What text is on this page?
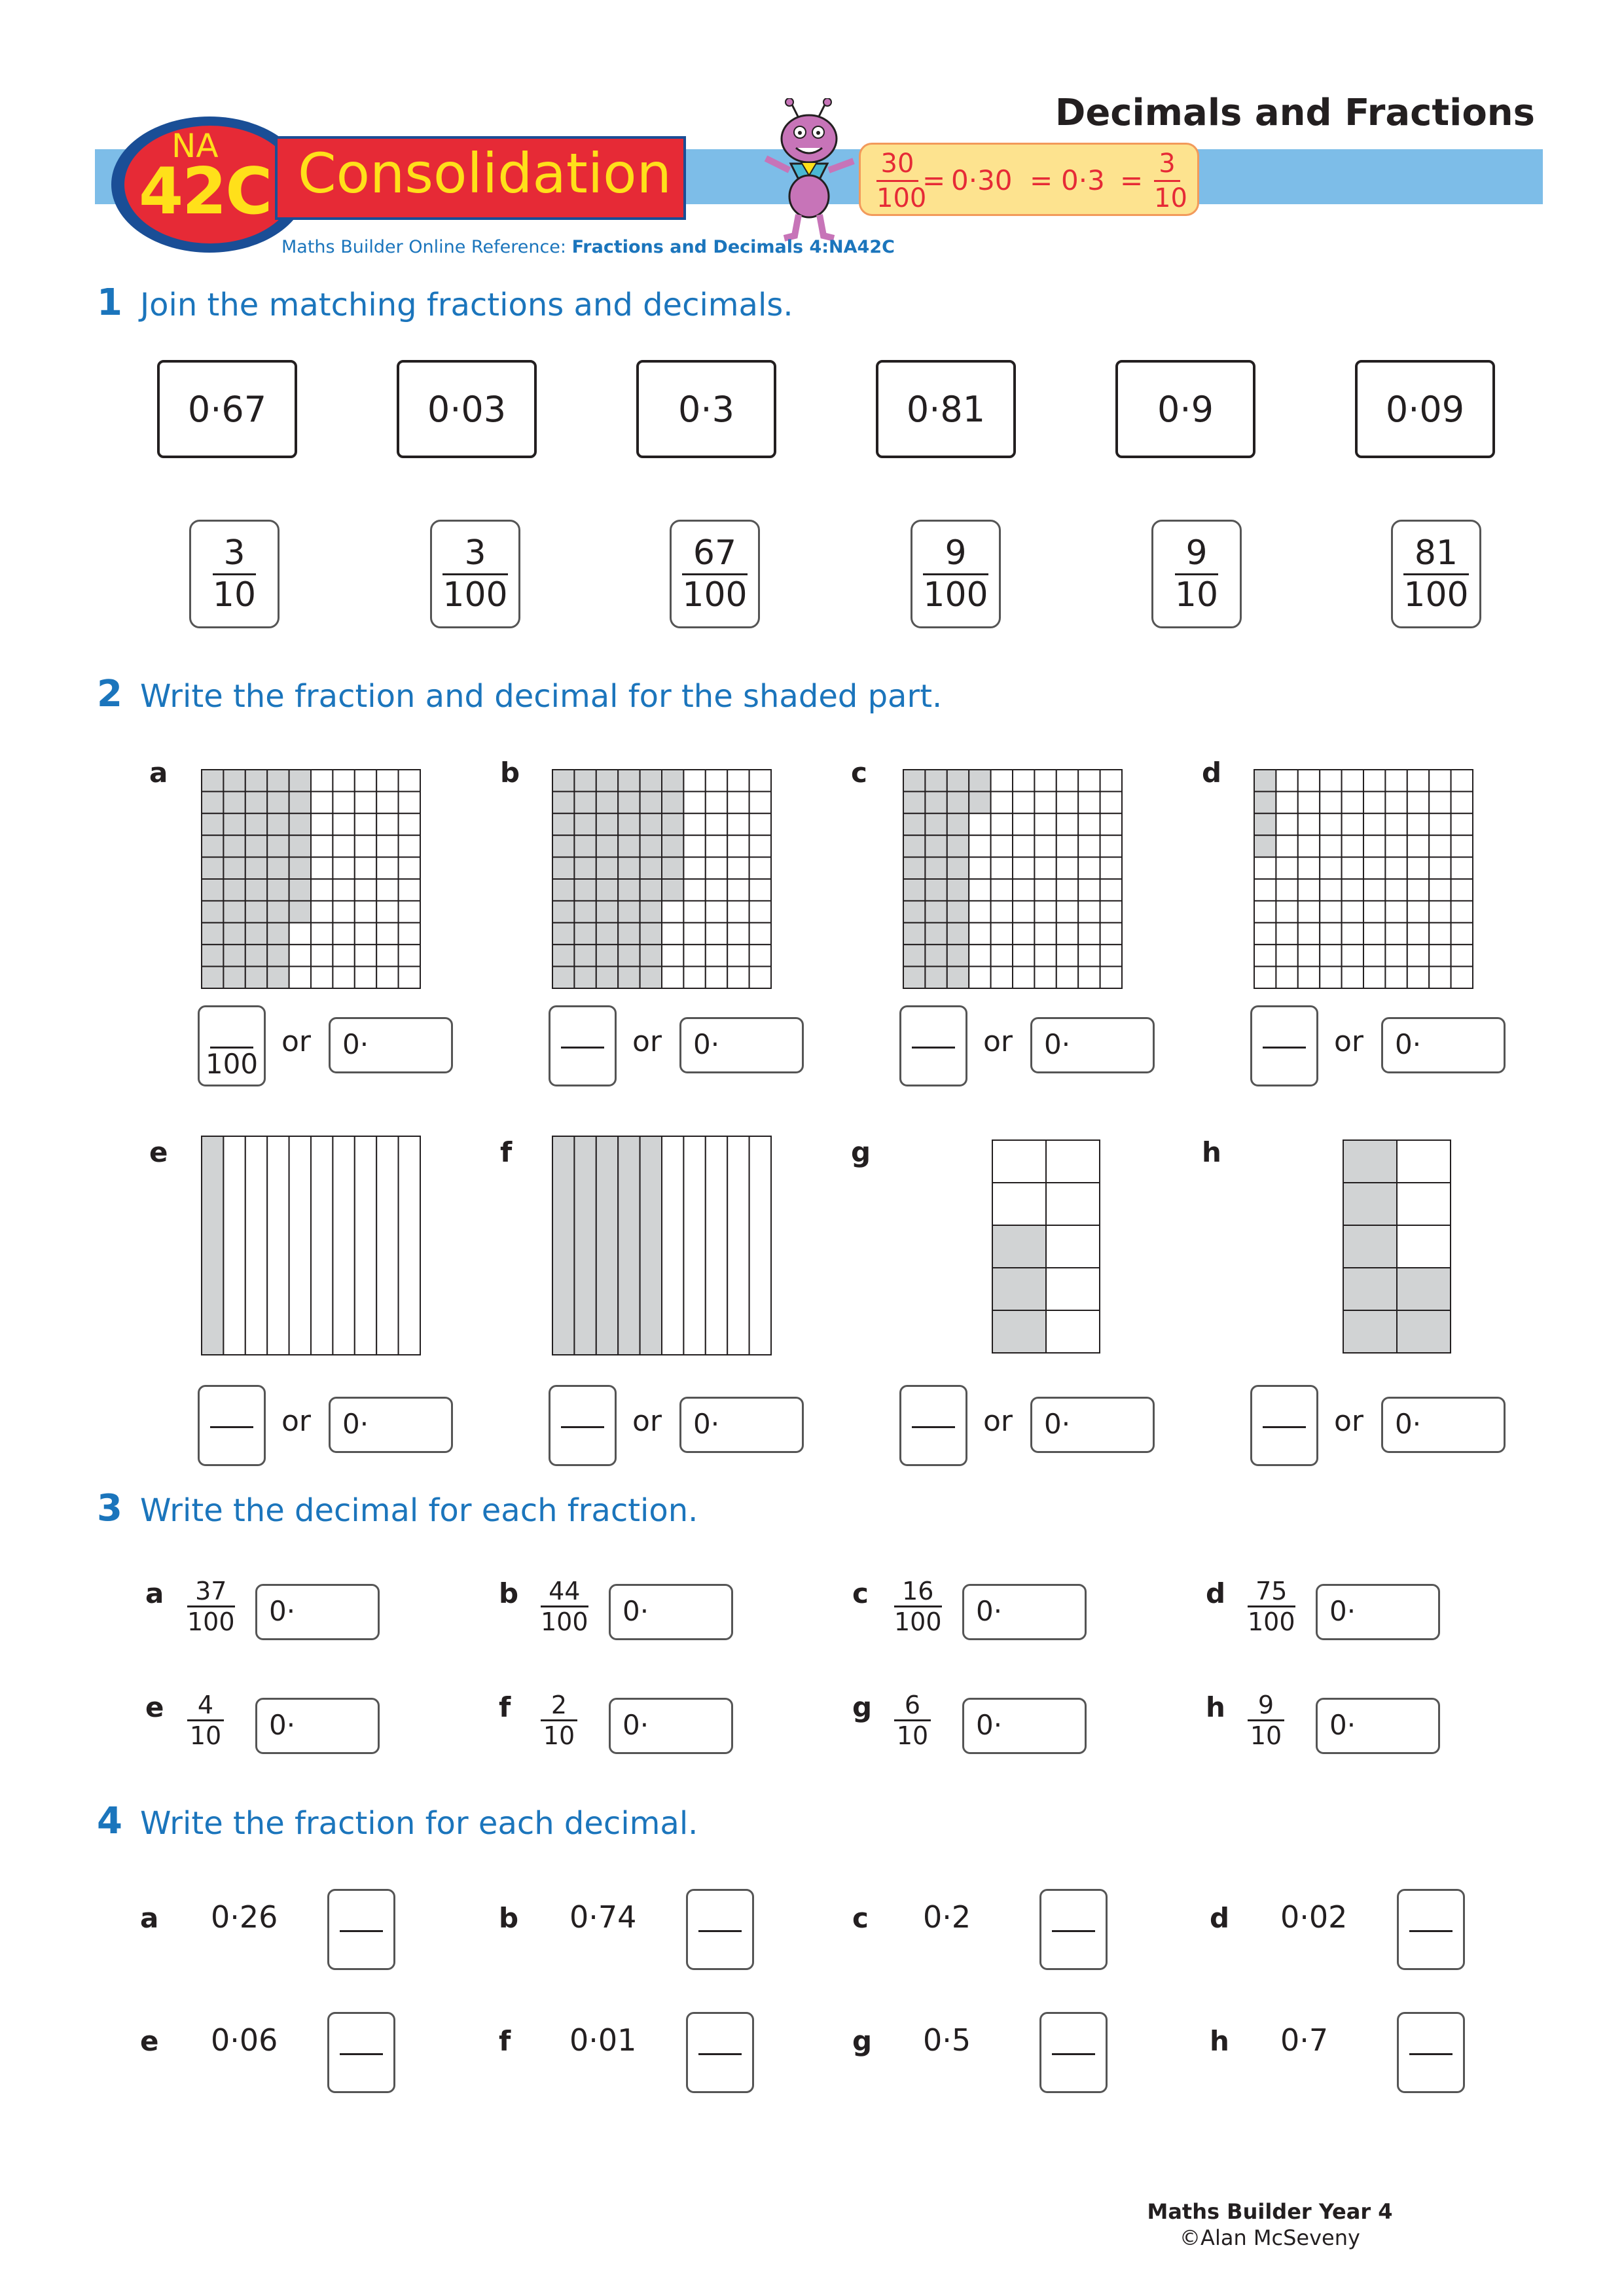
NA
42C Consolidation	30
100
= 0·30 = 0·3 =
3
10
Decimals and Fractions
Maths Builder Online Reference: Fractions and Decimals 4:NA42C
1 Join the matching fractions and decimals.
0·67	0·03	0·3	0·81	0·9	0·09
$\frac{3}{10}$	$\frac{3}{100}$	$\frac{67}{100}$	$\frac{9}{100}$	$\frac{9}{10}$	$\frac{81}{100}$
2 Write the fraction and decimal for the shaded part.
a
100
or	0·
b
or	0·
c
or	0·
d
or	0·
e
or	0·
f
or	0·
g
or	0·
h
or	0·
3 Write the decimal for each fraction.
a 37
100	0·
b 44
100	0·
c 16
100	0·
d 75
100	0·
e 4
10	0·
f 2
10	0·
g 6
10	0·
h 9
10	0·
4 Write the fraction for each decimal.
a 0·26	b 0·74	c 0·2	d 0·02
e 0·06	f 0·01	g 0·5	h 0·7
Maths Builder Year 4
©Alan McSeveny
